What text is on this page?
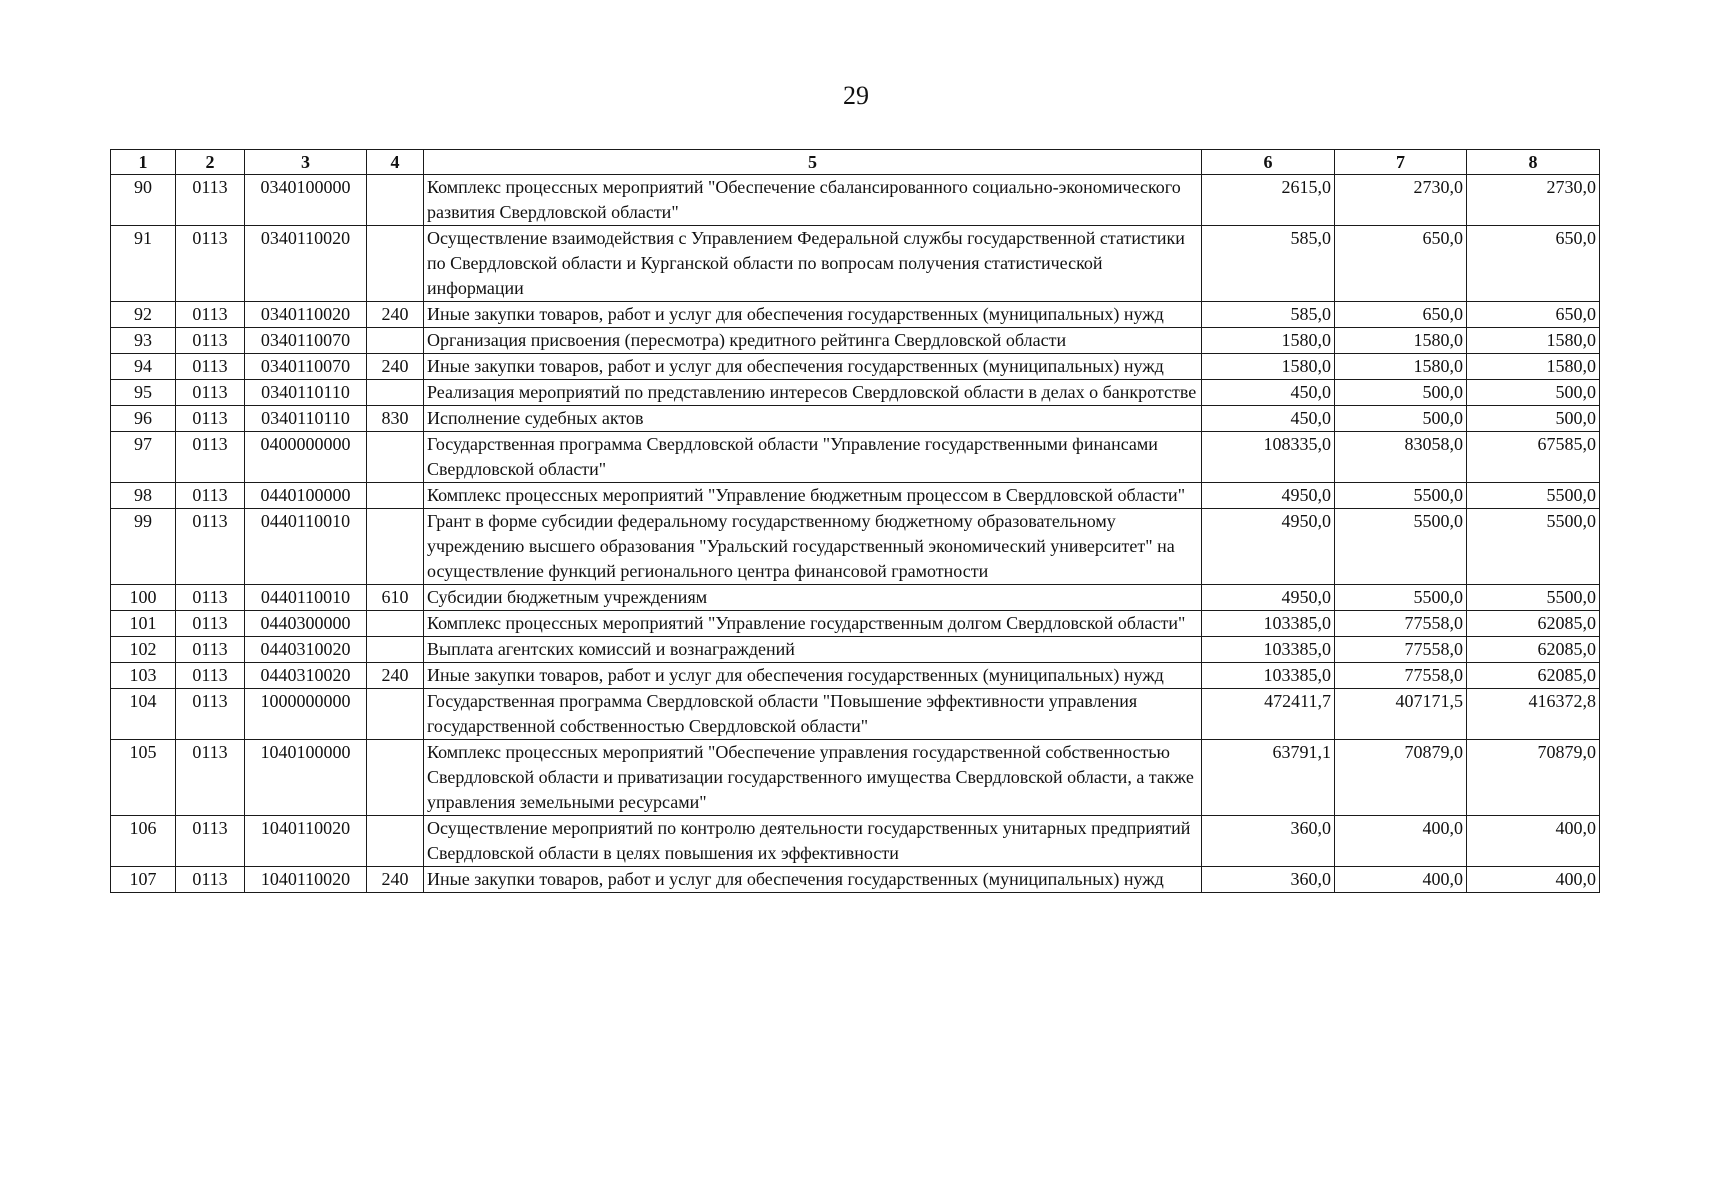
29
1	2	3	4	5	6	7	8
90	0113	0340100000		Комплекс процессных мероприятий "Обеспечение сбалансированного социально-экономического развития Свердловской области"	2615,0	2730,0	2730,0
91	0113	0340110020		Осуществление взаимодействия с Управлением Федеральной службы государственной статистики по Свердловской области и Курганской области по вопросам получения статистической информации	585,0	650,0	650,0
92	0113	0340110020	240	Иные закупки товаров, работ и услуг для обеспечения государственных (муниципальных) нужд	585,0	650,0	650,0
93	0113	0340110070		Организация присвоения (пересмотра) кредитного рейтинга Свердловской области	1580,0	1580,0	1580,0
94	0113	0340110070	240	Иные закупки товаров, работ и услуг для обеспечения государственных (муниципальных) нужд	1580,0	1580,0	1580,0
95	0113	0340110110		Реализация мероприятий по представлению интересов Свердловской области в делах о банкротстве	450,0	500,0	500,0
96	0113	0340110110	830	Исполнение судебных актов	450,0	500,0	500,0
97	0113	0400000000		Государственная программа Свердловской области "Управление государственными финансами Свердловской области"	108335,0	83058,0	67585,0
98	0113	0440100000		Комплекс процессных мероприятий "Управление бюджетным процессом в Свердловской области"	4950,0	5500,0	5500,0
99	0113	0440110010		Грант в форме субсидии федеральному государственному бюджетному образовательному учреждению высшего образования "Уральский государственный экономический университет" на осуществление функций регионального центра финансовой грамотности	4950,0	5500,0	5500,0
100	0113	0440110010	610	Субсидии бюджетным учреждениям	4950,0	5500,0	5500,0
101	0113	0440300000		Комплекс процессных мероприятий "Управление государственным долгом Свердловской области"	103385,0	77558,0	62085,0
102	0113	0440310020		Выплата агентских комиссий и вознаграждений	103385,0	77558,0	62085,0
103	0113	0440310020	240	Иные закупки товаров, работ и услуг для обеспечения государственных (муниципальных) нужд	103385,0	77558,0	62085,0
104	0113	1000000000		Государственная программа Свердловской области "Повышение эффективности управления государственной собственностью Свердловской области"	472411,7	407171,5	416372,8
105	0113	1040100000		Комплекс процессных мероприятий "Обеспечение управления государственной собственностью Свердловской области и приватизации государственного имущества Свердловской области, а также управления земельными ресурсами"	63791,1	70879,0	70879,0
106	0113	1040110020		Осуществление мероприятий по контролю деятельности государственных унитарных предприятий Свердловской области в целях повышения их эффективности	360,0	400,0	400,0
107	0113	1040110020	240	Иные закупки товаров, работ и услуг для обеспечения государственных (муниципальных) нужд	360,0	400,0	400,0
